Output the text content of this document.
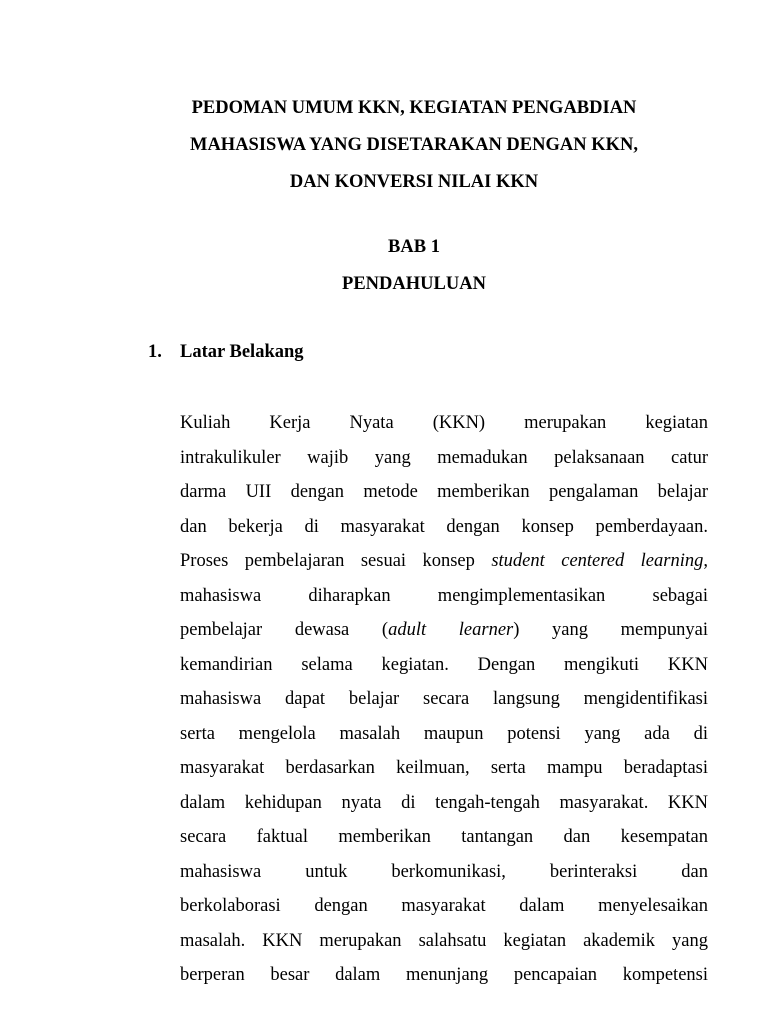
PEDOMAN UMUM KKN, KEGIATAN PENGABDIAN
MAHASISWA YANG DISETARAKAN DENGAN KKN,
DAN KONVERSI NILAI KKN
BAB 1
PENDAHULUAN
1. Latar Belakang
Kuliah Kerja Nyata (KKN) merupakan kegiatan
intrakulikuler wajib yang memadukan pelaksanaan catur
darma UII dengan metode memberikan pengalaman belajar
dan bekerja di masyarakat dengan konsep pemberdayaan.
Proses pembelajaran sesuai konsep student centered learning,
mahasiswa diharapkan mengimplementasikan sebagai
pembelajar dewasa (adult learner) yang mempunyai
kemandirian selama kegiatan. Dengan mengikuti KKN
mahasiswa dapat belajar secara langsung mengidentifikasi
serta mengelola masalah maupun potensi yang ada di
masyarakat berdasarkan keilmuan, serta mampu beradaptasi
dalam kehidupan nyata di tengah-tengah masyarakat. KKN
secara faktual memberikan tantangan dan kesempatan
mahasiswa untuk berkomunikasi, berinteraksi dan
berkolaborasi dengan masyarakat dalam menyelesaikan
masalah. KKN merupakan salahsatu kegiatan akademik yang
berperan besar dalam menunjang pencapaian kompetensi
